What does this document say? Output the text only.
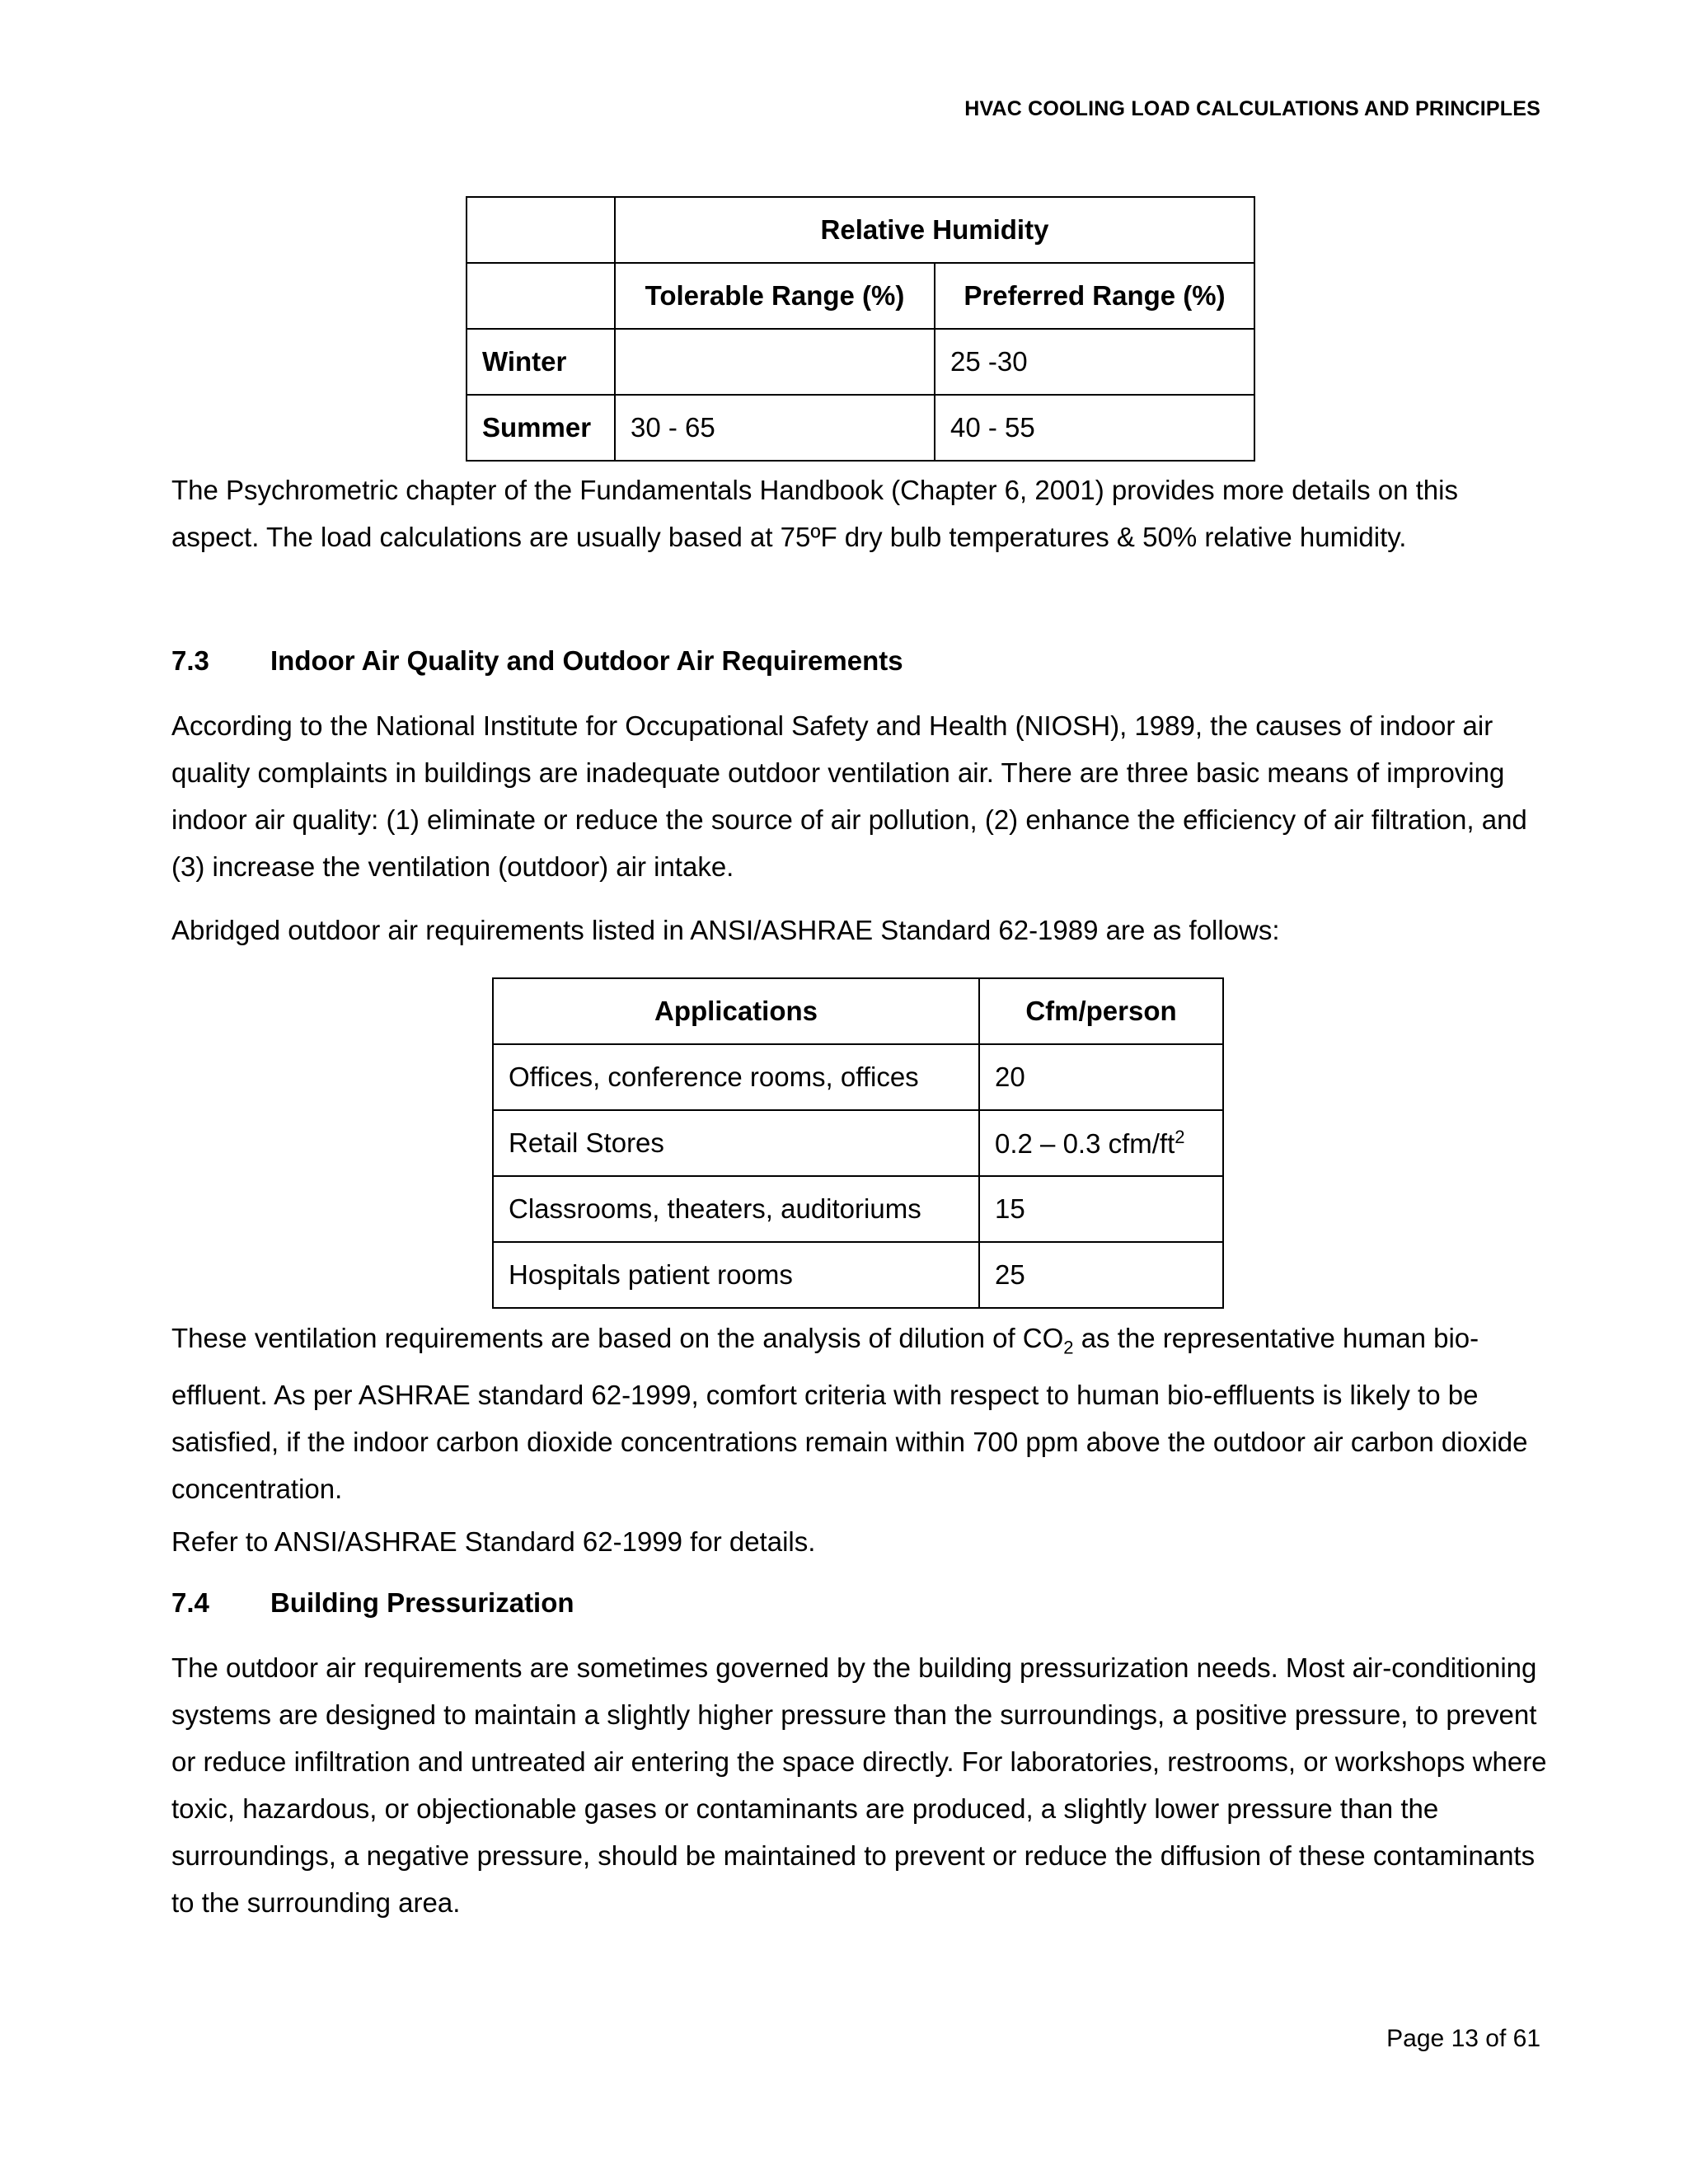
HVAC COOLING LOAD CALCULATIONS AND PRINCIPLES
	Relative Humidity	
	Tolerable Range (%)	Preferred Range (%)
Winter		25 -30
Summer	30 - 65	40 - 55

The Psychrometric chapter of the Fundamentals Handbook (Chapter 6, 2001) provides more details on this aspect. The load calculations are usually based at 75ºF dry bulb temperatures & 50% relative humidity.

7.3 Indoor Air Quality and Outdoor Air Requirements

According to the National Institute for Occupational Safety and Health (NIOSH), 1989, the causes of indoor air quality complaints in buildings are inadequate outdoor ventilation air. There are three basic means of improving indoor air quality: (1) eliminate or reduce the source of air pollution, (2) enhance the efficiency of air filtration, and (3) increase the ventilation (outdoor) air intake.

Abridged outdoor air requirements listed in ANSI/ASHRAE Standard 62-1989 are as follows:

Applications	Cfm/person
Offices, conference rooms, offices	20
Retail Stores	0.2 – 0.3 cfm/$ft^2$
Classrooms, theaters, auditoriums	15
Hospitals patient rooms	25

These ventilation requirements are based on the analysis of dilution of $CO_2$ as the representative human bio-effluent. As per ASHRAE standard 62-1999, comfort criteria with respect to human bio-effluents is likely to be satisfied, if the indoor carbon dioxide concentrations remain within 700 ppm above the outdoor air carbon dioxide concentration.

Refer to ANSI/ASHRAE Standard 62-1999 for details.

7.4 Building Pressurization

The outdoor air requirements are sometimes governed by the building pressurization needs. Most air-conditioning systems are designed to maintain a slightly higher pressure than the surroundings, a positive pressure, to prevent or reduce infiltration and untreated air entering the space directly. For laboratories, restrooms, or workshops where toxic, hazardous, or objectionable gases or contaminants are produced, a slightly lower pressure than the surroundings, a negative pressure, should be maintained to prevent or reduce the diffusion of these contaminants to the surrounding area.

Page 13 of 61
